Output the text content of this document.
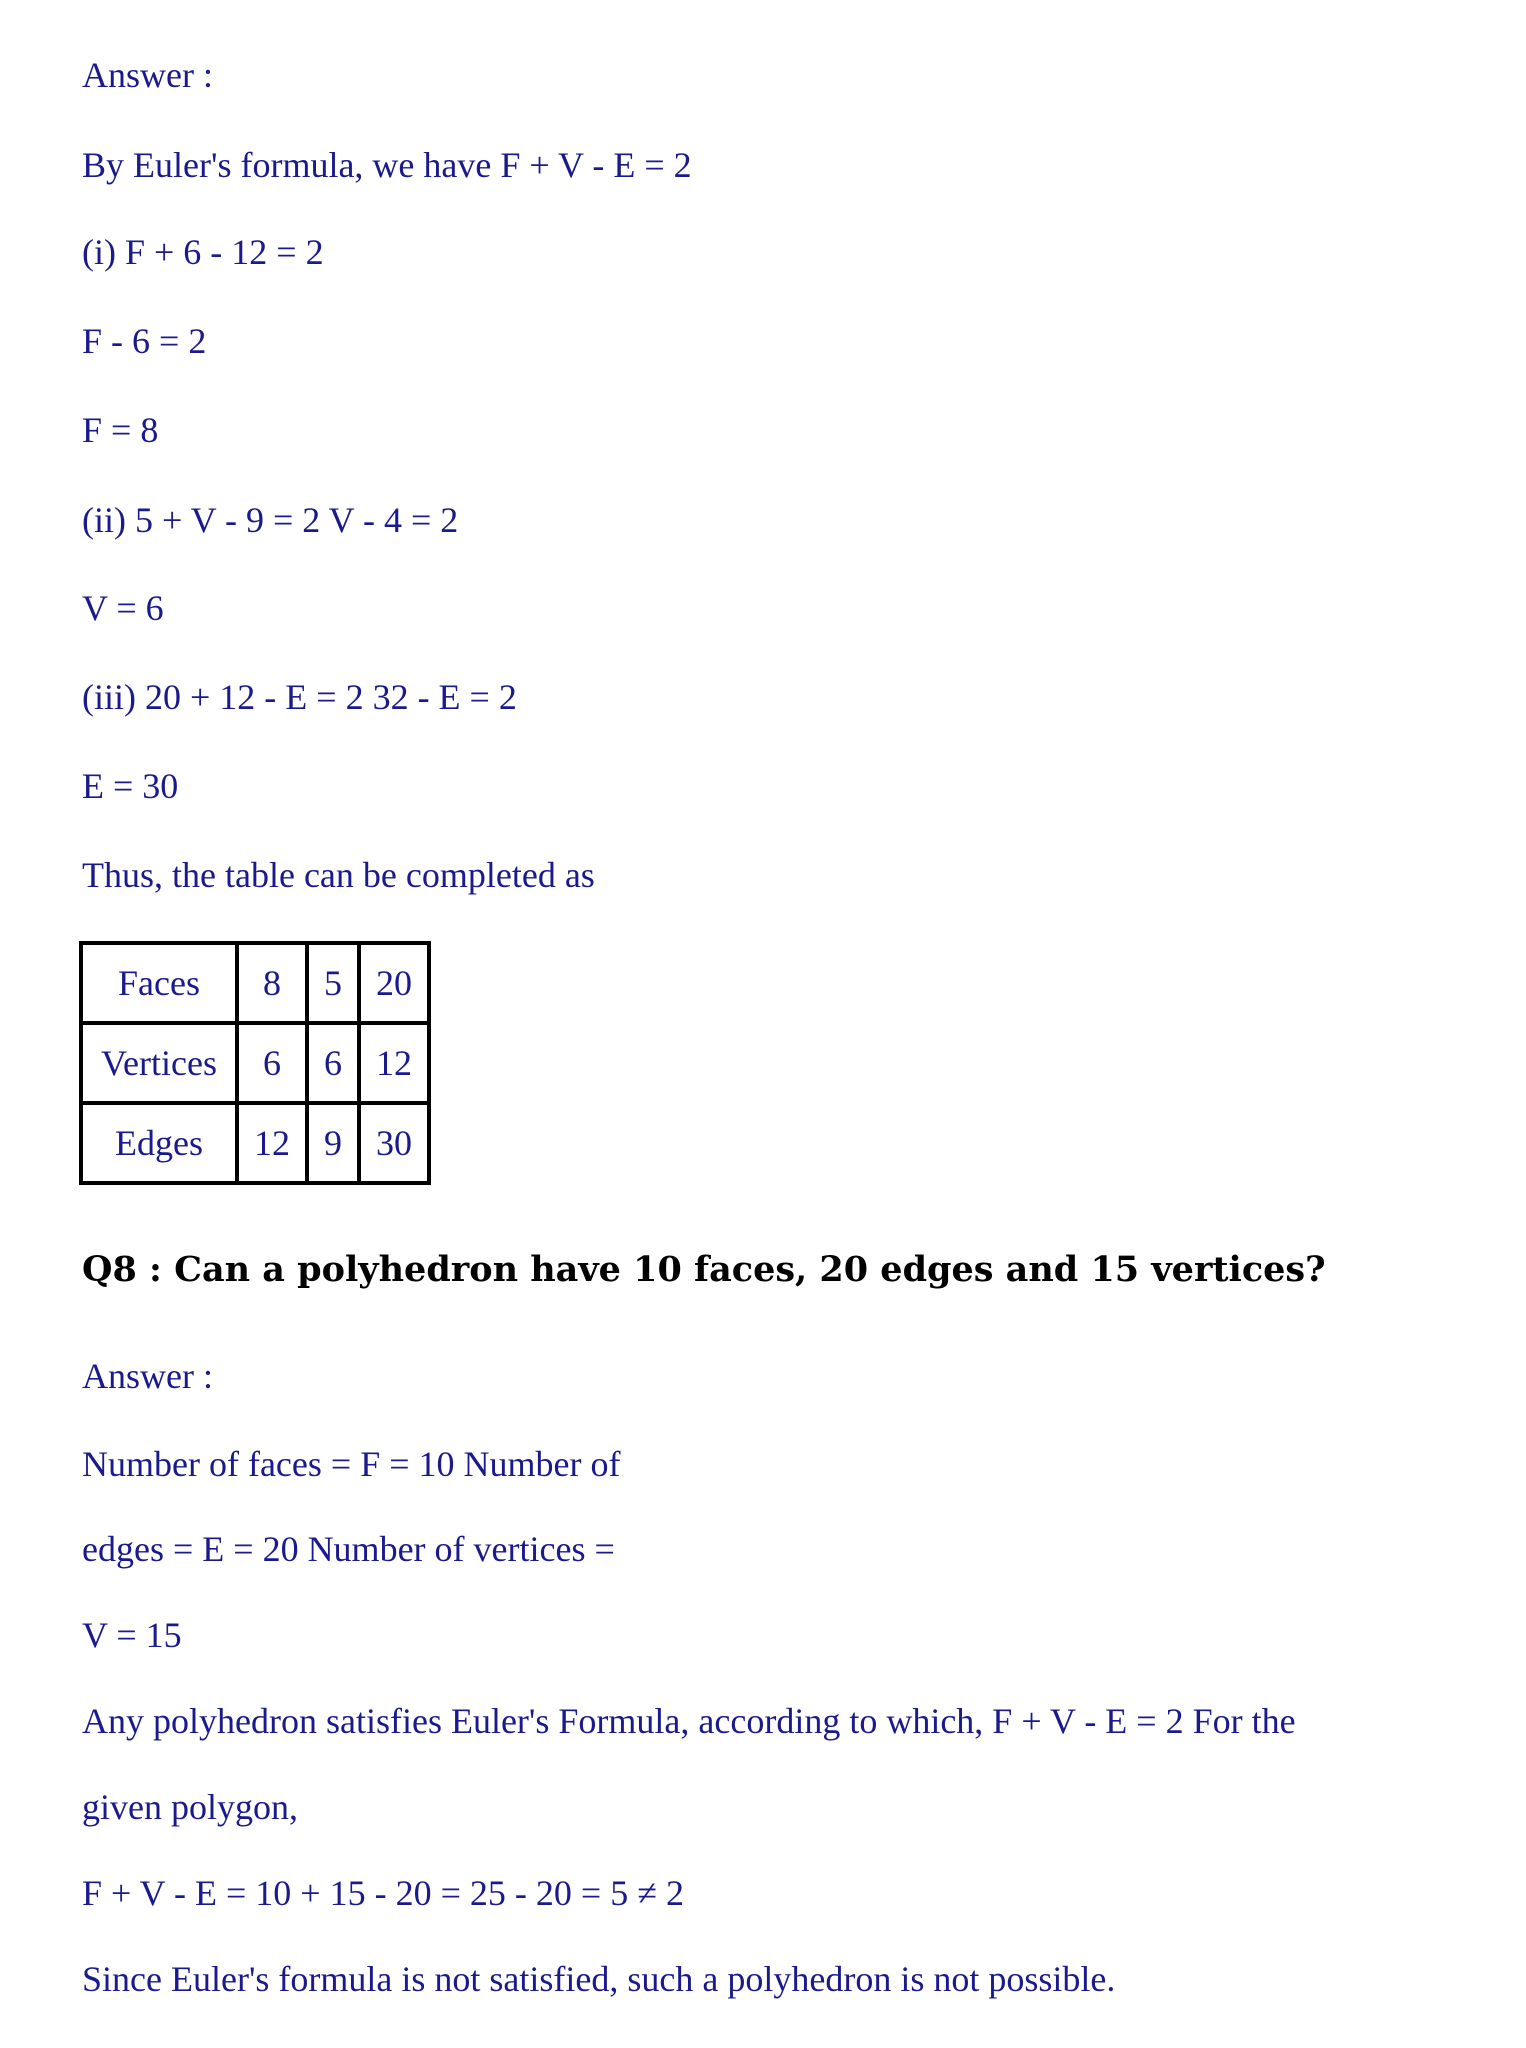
Answer :
By Euler's formula, we have F + V - E = 2
(i) F + 6 - 12 = 2
F - 6 = 2
F = 8
(ii) 5 + V - 9 = 2 V - 4 = 2
V = 6
(iii) 20 + 12 - E = 2 32 - E = 2
E = 30
Thus, the table can be completed as
Faces	8	5	20
Vertices	6	6	12
Edges	12	9	30
Q8 : Can a polyhedron have 10 faces, 20 edges and 15 vertices?
Answer :
Number of faces = F = 10 Number of
edges = E = 20 Number of vertices =
V = 15
Any polyhedron satisfies Euler's Formula, according to which, F + V - E = 2 For the
given polygon,
F + V - E = 10 + 15 - 20 = 25 - 20 = 5 ≠ 2
Since Euler's formula is not satisfied, such a polyhedron is not possible.
